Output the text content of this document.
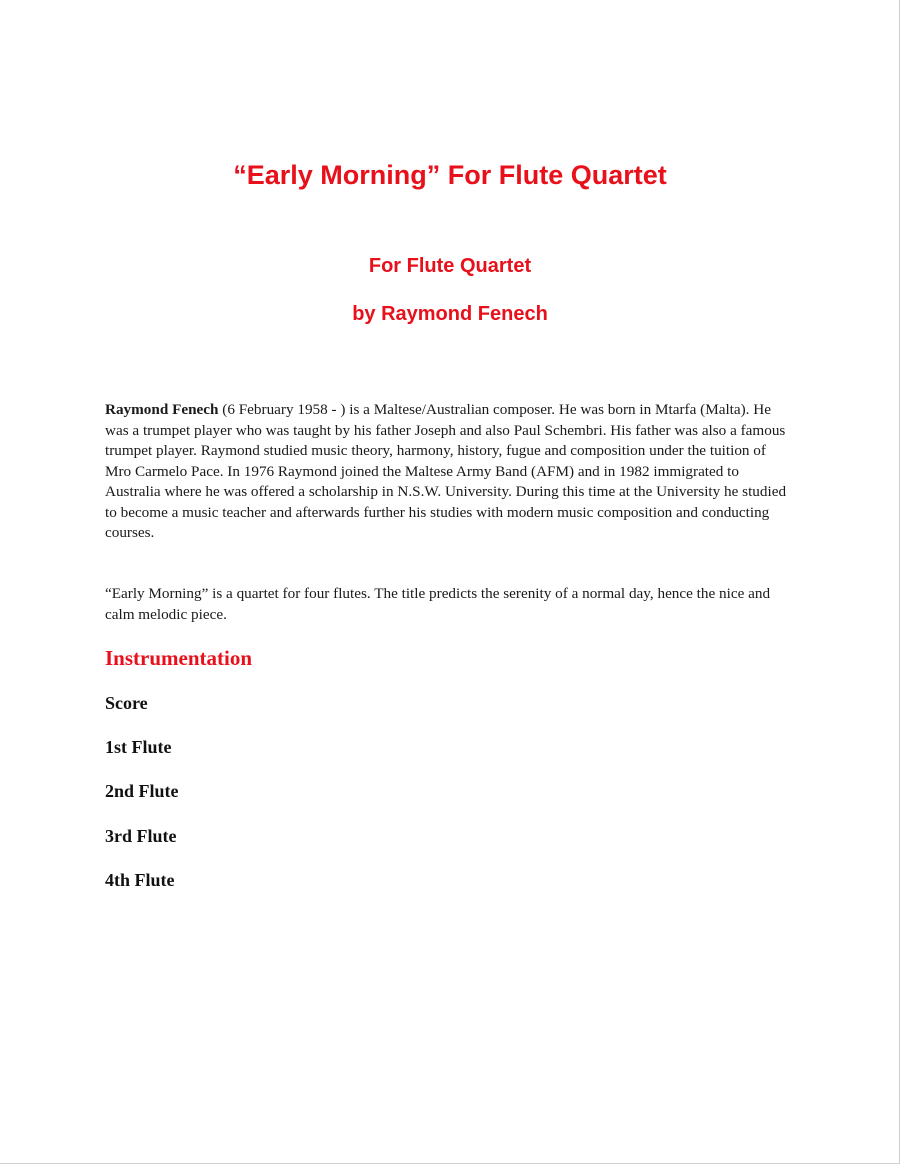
“Early Morning” For Flute Quartet
For Flute Quartet
by Raymond Fenech

Raymond Fenech (6 February 1958 - ) is a Maltese/Australian composer. He was born in Mtarfa (Malta). He was a trumpet player who was taught by his father Joseph and also Paul Schembri. His father was also a famous trumpet player. Raymond studied music theory, harmony, history, fugue and composition under the tuition of Mro Carmelo Pace. In 1976 Raymond joined the Maltese Army Band (AFM) and in 1982 immigrated to Australia where he was offered a scholarship in N.S.W. University. During this time at the University he studied to become a music teacher and afterwards further his studies with modern music composition and conducting courses.

“Early Morning” is a quartet for four flutes. The title predicts the serenity of a normal day, hence the nice and calm melodic piece.

Instrumentation
Score
1st Flute
2nd Flute
3rd Flute
4th Flute
